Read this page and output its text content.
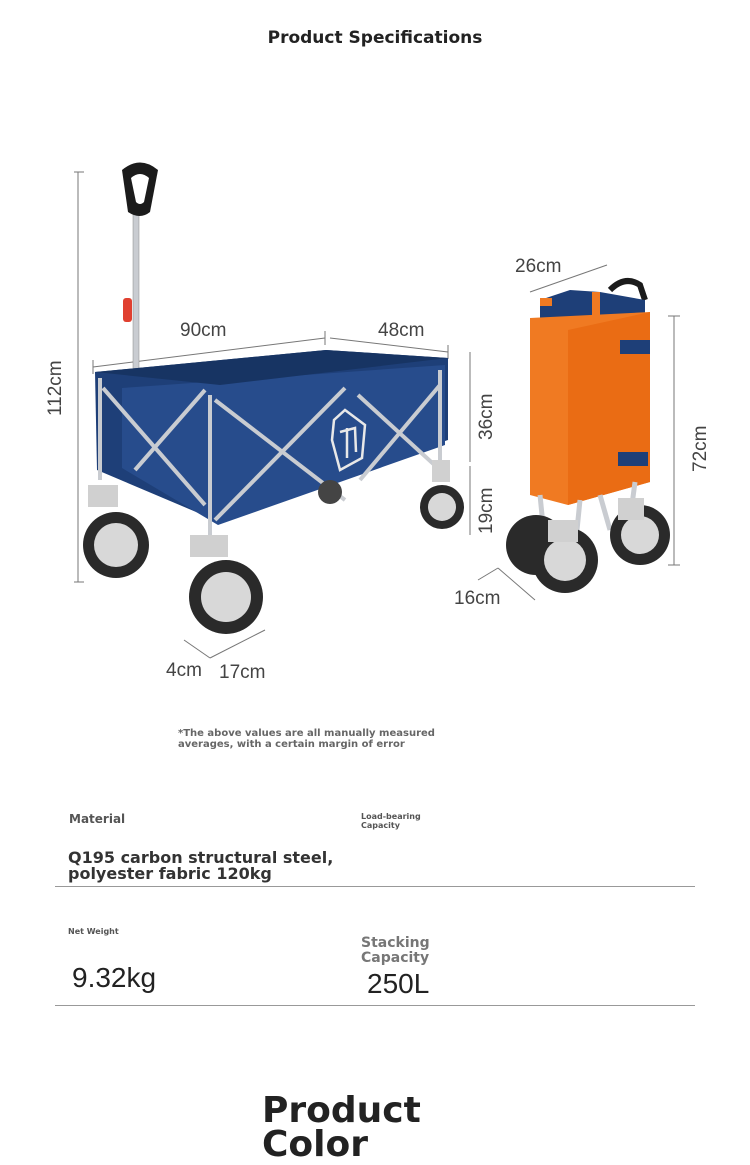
Product Specifications
112cm
90cm	48cm
36cm
19cm
4cm 17cm
26cm
72cm
16cm
*The above values are all manually measured
averages, with a certain margin of error
Material	Load-bearing
Capacity
Q195 carbon structural steel,
polyester fabric 120kg
Net Weight
9.32kg
Stacking
Capacity
250L
Product
Color
